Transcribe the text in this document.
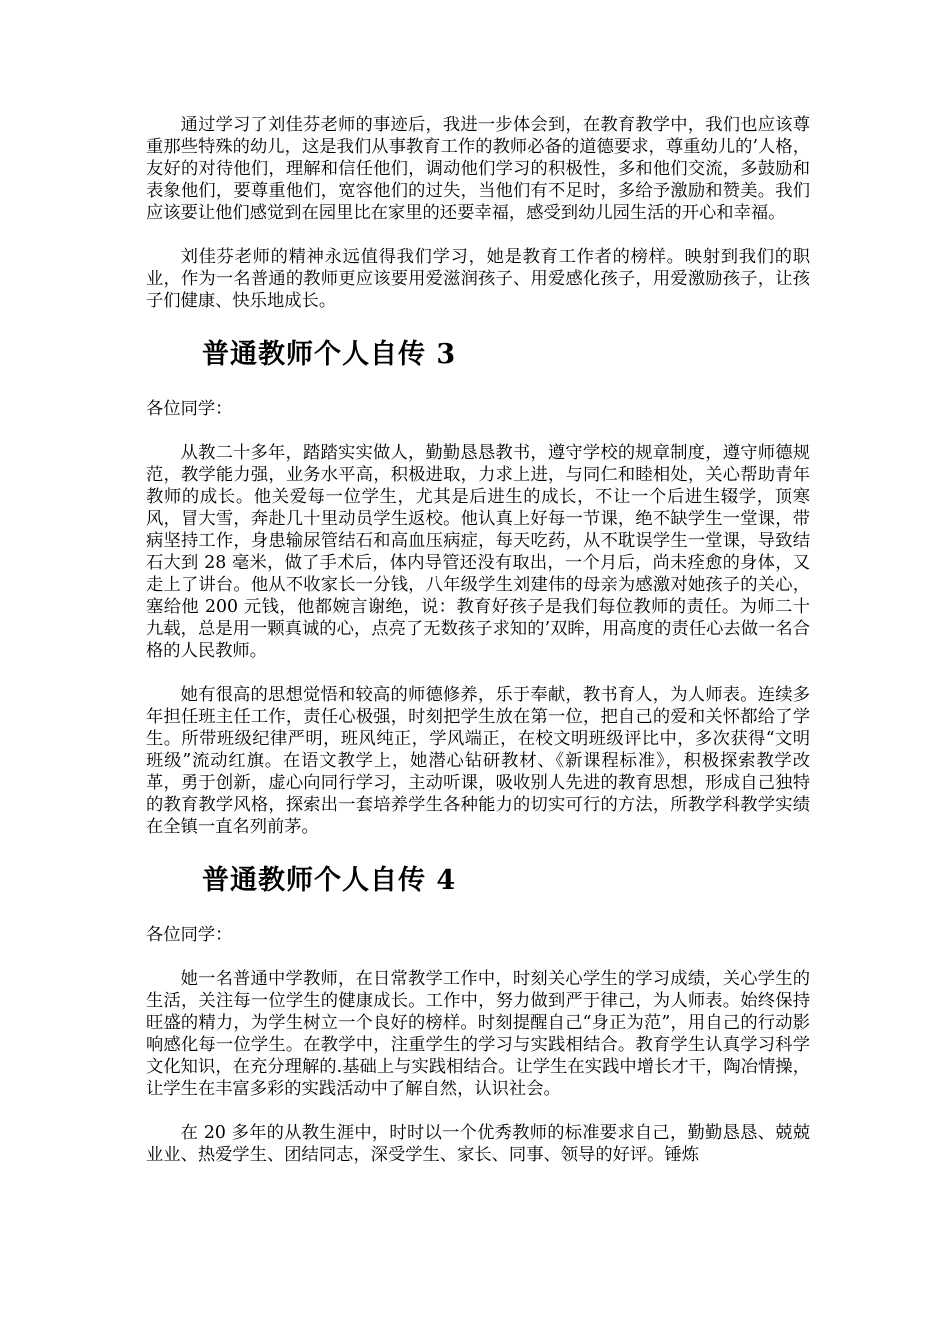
通过学习了刘佳芬老师的事迹后，我进一步体会到，在教育教学中，我们也应该尊重那些特殊的幼儿，这是我们从事教育工作的教师必备的道德要求，尊重幼儿的’人格，友好的对待他们，理解和信任他们，调动他们学习的积极性，多和他们交流，多鼓励和表象他们，要尊重他们，宽容他们的过失，当他们有不足时，多给予激励和赞美。我们应该要让他们感觉到在园里比在家里的还要幸福，感受到幼儿园生活的开心和幸福。

刘佳芬老师的精神永远值得我们学习，她是教育工作者的榜样。映射到我们的职业，作为一名普通的教师更应该要用爱滋润孩子、用爱感化孩子，用爱激励孩子，让孩子们健康、快乐地成长。

普通教师个人自传 3

各位同学：

从教二十多年，踏踏实实做人，勤勤恳恳教书，遵守学校的规章制度，遵守师德规范，教学能力强，业务水平高，积极进取，力求上进，与同仁和睦相处，关心帮助青年教师的成长。他关爱每一位学生，尤其是后进生的成长，不让一个后进生辍学，顶寒风，冒大雪，奔赴几十里动员学生返校。他认真上好每一节课，绝不缺学生一堂课，带病坚持工作，身患输尿管结石和高血压病症，每天吃药，从不耽误学生一堂课，导致结石大到 28 毫米，做了手术后，体内导管还没有取出，一个月后，尚未痊愈的身体，又走上了讲台。他从不收家长一分钱，八年级学生刘建伟的母亲为感激对她孩子的关心，塞给他 200 元钱，他都婉言谢绝，说：教育好孩子是我们每位教师的责任。为师二十九载，总是用一颗真诚的心，点亮了无数孩子求知的’双眸，用高度的责任心去做一名合格的人民教师。

她有很高的思想觉悟和较高的师德修养，乐于奉献，教书育人，为人师表。连续多年担任班主任工作，责任心极强，时刻把学生放在第一位，把自己的爱和关怀都给了学生。所带班级纪律严明，班风纯正，学风端正，在校文明班级评比中，多次获得“文明班级”流动红旗。在语文教学上，她潜心钻研教材、《新课程标准》，积极探索教学改革，勇于创新，虚心向同行学习，主动听课，吸收别人先进的教育思想，形成自己独特的教育教学风格，探索出一套培养学生各种能力的切实可行的方法，所教学科教学实绩在全镇一直名列前茅。

普通教师个人自传 4

各位同学：

她一名普通中学教师，在日常教学工作中，时刻关心学生的学习成绩，关心学生的生活，关注每一位学生的健康成长。工作中，努力做到严于律己，为人师表。始终保持旺盛的精力，为学生树立一个良好的榜样。时刻提醒自己“身正为范”，用自己的行动影响感化每一位学生。在教学中，注重学生的学习与实践相结合。教育学生认真学习科学文化知识，在充分理解的.基础上与实践相结合。让学生在实践中增长才干，陶冶情操，让学生在丰富多彩的实践活动中了解自然，认识社会。

在 20 多年的从教生涯中，时时以一个优秀教师的标准要求自己，勤勤恳恳、兢兢业业、热爱学生、团结同志，深受学生、家长、同事、领导的好评。锤炼
